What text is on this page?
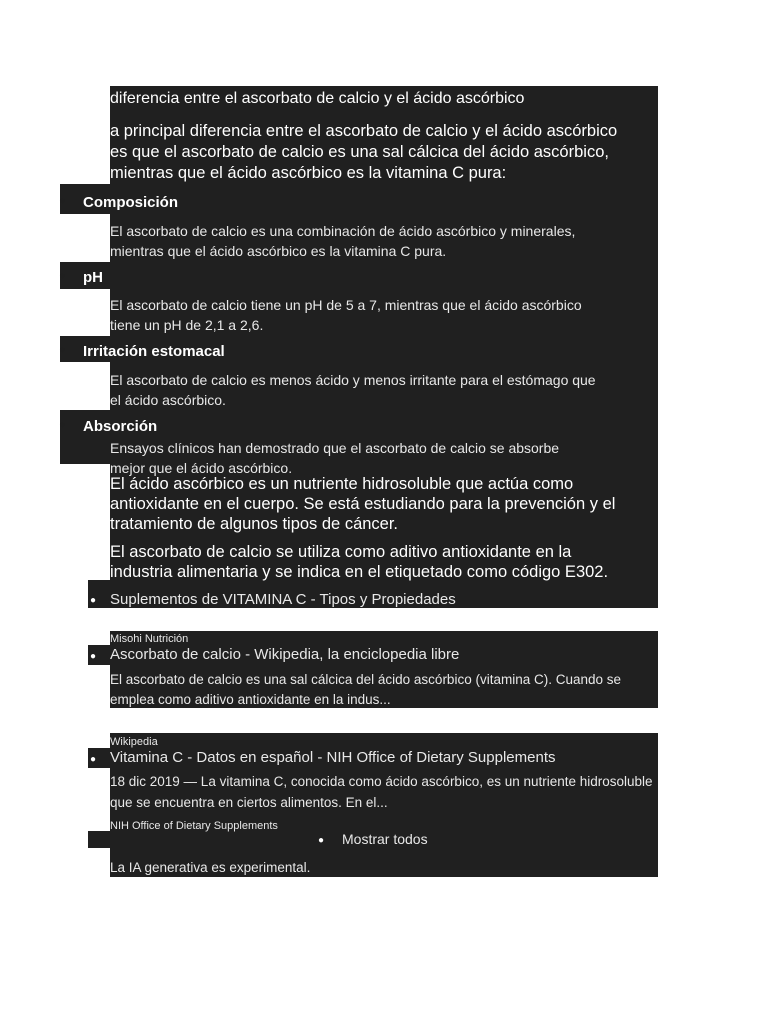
diferencia entre el ascorbato de calcio y el ácido ascórbico
a principal diferencia entre el ascorbato de calcio y el ácido ascórbico
es que el ascorbato de calcio es una sal cálcica del ácido ascórbico,
mientras que el ácido ascórbico es la vitamina C pura:
● Composición
El ascorbato de calcio es una combinación de ácido ascórbico y minerales,
mientras que el ácido ascórbico es la vitamina C pura.
● pH
El ascorbato de calcio tiene un pH de 5 a 7, mientras que el ácido ascórbico
tiene un pH de 2,1 a 2,6.
● Irritación estomacal
El ascorbato de calcio es menos ácido y menos irritante para el estómago que
el ácido ascórbico.
● Absorción
Ensayos clínicos han demostrado que el ascorbato de calcio se absorbe
mejor que el ácido ascórbico.
El ácido ascórbico es un nutriente hidrosoluble que actúa como
antioxidante en el cuerpo. Se está estudiando para la prevención y el
tratamiento de algunos tipos de cáncer.
El ascorbato de calcio se utiliza como aditivo antioxidante en la
industria alimentaria y se indica en el etiquetado como código E302.
● Suplementos de VITAMINA C - Tipos y Propiedades
Misohi Nutrición
● Ascorbato de calcio - Wikipedia, la enciclopedia libre
El ascorbato de calcio es una sal cálcica del ácido ascórbico (vitamina C). Cuando se
emplea como aditivo antioxidante en la indus...
Wikipedia
● Vitamina C - Datos en español - NIH Office of Dietary Supplements
18 dic 2019 — La vitamina C, conocida como ácido ascórbico, es un nutriente hidrosoluble
que se encuentra en ciertos alimentos. En el...
NIH Office of Dietary Supplements
● Mostrar todos
La IA generativa es experimental.
